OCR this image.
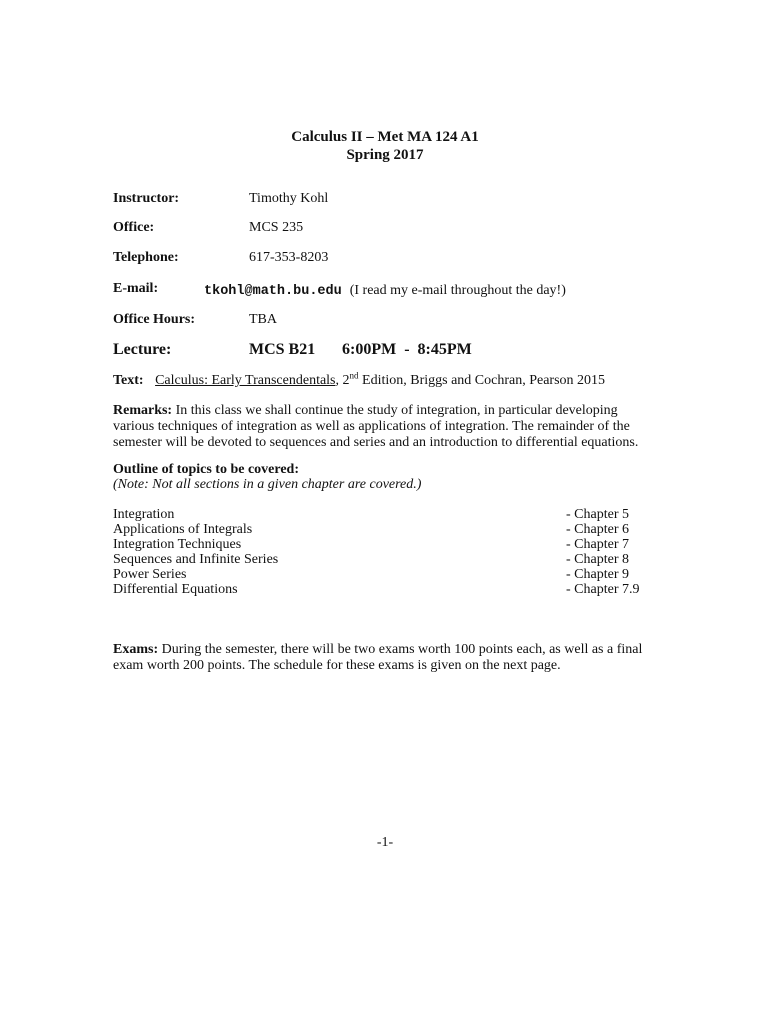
Calculus II – Met MA 124 A1
Spring 2017
Instructor:	Timothy Kohl
Office:	MCS 235
Telephone:	617-353-8203
E-mail:	tkohl@math.bu.edu (I read my e-mail throughout the day!)
Office Hours:	TBA
Lecture:	MCS B21 6:00PM  -  8:45PM
Text: Calculus: Early Transcendentals, 2nd Edition, Briggs and Cochran, Pearson 2015
Remarks: In this class we shall continue the study of integration, in particular developing
various techniques of integration as well as applications of integration. The remainder of the
semester will be devoted to sequences and series and an introduction to differential equations.
Outline of topics to be covered:
(Note: Not all sections in a given chapter are covered.)
Integration	- Chapter 5
Applications of Integrals	- Chapter 6
Integration Techniques	- Chapter 7
Sequences and Infinite Series	- Chapter 8
Power Series	- Chapter 9
Differential Equations	- Chapter 7.9
Exams: During the semester, there will be two exams worth 100 points each, as well as a final
exam worth 200 points. The schedule for these exams is given on the next page.
-1-
